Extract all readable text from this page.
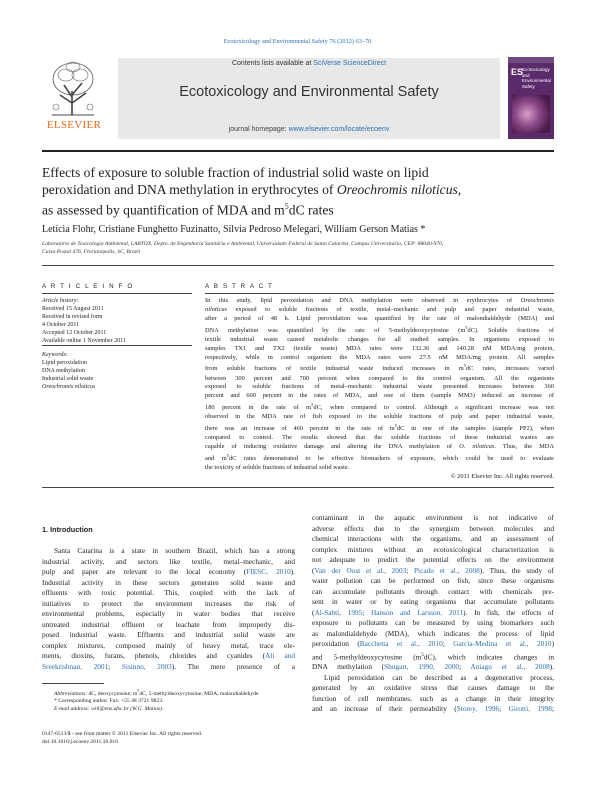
Ecotoxicology and Environmental Safety 76 (2012) 63–70
Contents lists available at SciVerse ScienceDirect
Ecotoxicology and Environmental Safety
journal homepage: www.elsevier.com/locate/ecoenv
ELSEVIER
ES
Ecotoxicology and Environmental Safety
Effects of exposure to soluble fraction of industrial solid waste on lipid
peroxidation and DNA methylation in erythrocytes of Oreochromis niloticus,
as assessed by quantification of MDA and $m^5dC$ rates
Letícia Flohr, Cristiane Funghetto Fuzinatto, Sílvia Pedroso Melegari, William Gerson Matias *
Laboratório de Toxicologia Ambiental, LABTOX, Depto. de Engenharia Sanitária e Ambiental, Universidade Federal de Santa Catarina, Campus Universitário, CEP: 88040-970,
Caixa Postal 476, Florianópolis, SC, Brazil
A R T I C L E I N F O	A B S T R A C T
Article history:
Received 15 August 2011
Received in revised form
4 October 2011
Accepted 12 October 2011
Available online 1 November 2011
Keywords:
Lipid peroxidation
DNA methylation
Industrial solid waste
Oreochromis niloticus
In this study, lipid peroxidation and DNA methylation were observed in erythrocytes of Oreochromis
niloticus exposed to soluble fractions of textile, metal–mechanic and pulp and paper industrial waste,
after a period of 48 h. Lipid peroxidation was quantified by the rate of malondialdehyde (MDA) and
DNA methylation was quantified by the rate of 5-methyldeoxycytosine $(m^5dC)$. Soluble fractions of
textile industrial waste caused metabolic changes for all studied samples. In organisms exposed to
samples TX1 and TX2 (textile waste) MDA rates were 132.36 and 140.28 nM MDA/mg protein,
respectively, while in control organism the MDA rates were 27.5 nM MDA/mg protein. All samples
from soluble fractions of textile industrial waste induced increases in $m^5dC$ rates, increases varied
between 300 percent and 700 percent when compared to the control organism. All the organisms
exposed to soluble fractions of metal–mechanic industrial waste presented increases between 360
percent and 600 percent in the rates of MDA, and one of them (sample MM3) induced an increase of
180 percent in the rate of $m^5dC$, when compared to control. Although a significant increase was not
observed in the MDA rate of fish exposed to the soluble fractions of pulp and paper industrial waste,
there was an increase of 460 percent in the rate of $m^5dC$ in one of the samples (sample PP2), when
compared to control. The results showed that the soluble fractions of these industrial wastes are
capable of inducing oxidative damage and altering the DNA methylation of O. niloticus. Thus, the MDA
and $m^5dC$ rates demonstrated to be effective biomarkers of exposure, which could be used to evaluate
the toxicity of soluble fractions of industrial solid waste.
© 2011 Elsevier Inc. All rights reserved.
1. Introduction
Santa Catarina is a state in southern Brazil, which has a strong
industrial activity, and sectors like textile, metal–mechanic, and
pulp and paper are relevant to the local economy (FIESC, 2010).
Industrial activity in these sectors generates solid waste and
effluents with toxic potential. This, coupled with the lack of
initiatives to protect the environment increases the risk of
environmental problems, especially in water bodies that receive
untreated industrial effluent or leachate from improperly dis-
posed industrial waste. Effluents and industrial solid waste are
complex mixtures, composed mainly of heavy metal, trace ele-
ments, dioxins, furans, phenols, chlorides and cyanides (Ali and
Sreekrishnan, 2001; Sisinno, 2003). The mere presence of a
contaminant in the aquatic environment is not indicative of
adverse effects due to the synergism between molecules and
chemical interactions with the organisms, and an assessment of
complex mixtures without an ecotoxicological characterization is
not adequate to predict the potential effects on the environment
(Van der Oost et al., 2003; Picado et al., 2008). Thus, the study of
water pollution can be performed on fish, since these organisms
can accumulate pollutants through contact with chemicals pre-
sent in water or by eating organisms that accumulate pollutants
(Al-Sabti, 1995; Hanson and Larsson, 2011). In fish, the effects of
exposure to pollutants can be measured by using biomarkers such
as malondialdehyde (MDA), which indicates the process of lipid
peroxidation (Bacchetta et al., 2010; García-Medina et al., 2010)
and 5-methyldeoxycytosine $(m^5dC)$, which indicates changes in
DNA methylation (Shugart, 1990, 2000; Aniagu et al., 2008).
Lipid peroxidation can be described as a degenerative process,
generated by an oxidative stress that causes damage to the
function of cell membranes, such as a change in their integrity
and an increase of their permeability (Storey, 1996; Girotti, 1998;
Abbreviations: dC, deoxycytosine; $m^5dC$, 5-methyldeoxycytosine; MDA, malondialdehyde
* Corresponding author. Fax: +55 48 3721 9823.
E-mail address: will@ens.ufsc.br (W.G. Matias).
0147-6513/$ - see front matter © 2011 Elsevier Inc. All rights reserved.
doi:10.1016/j.ecoenv.2011.10.016
